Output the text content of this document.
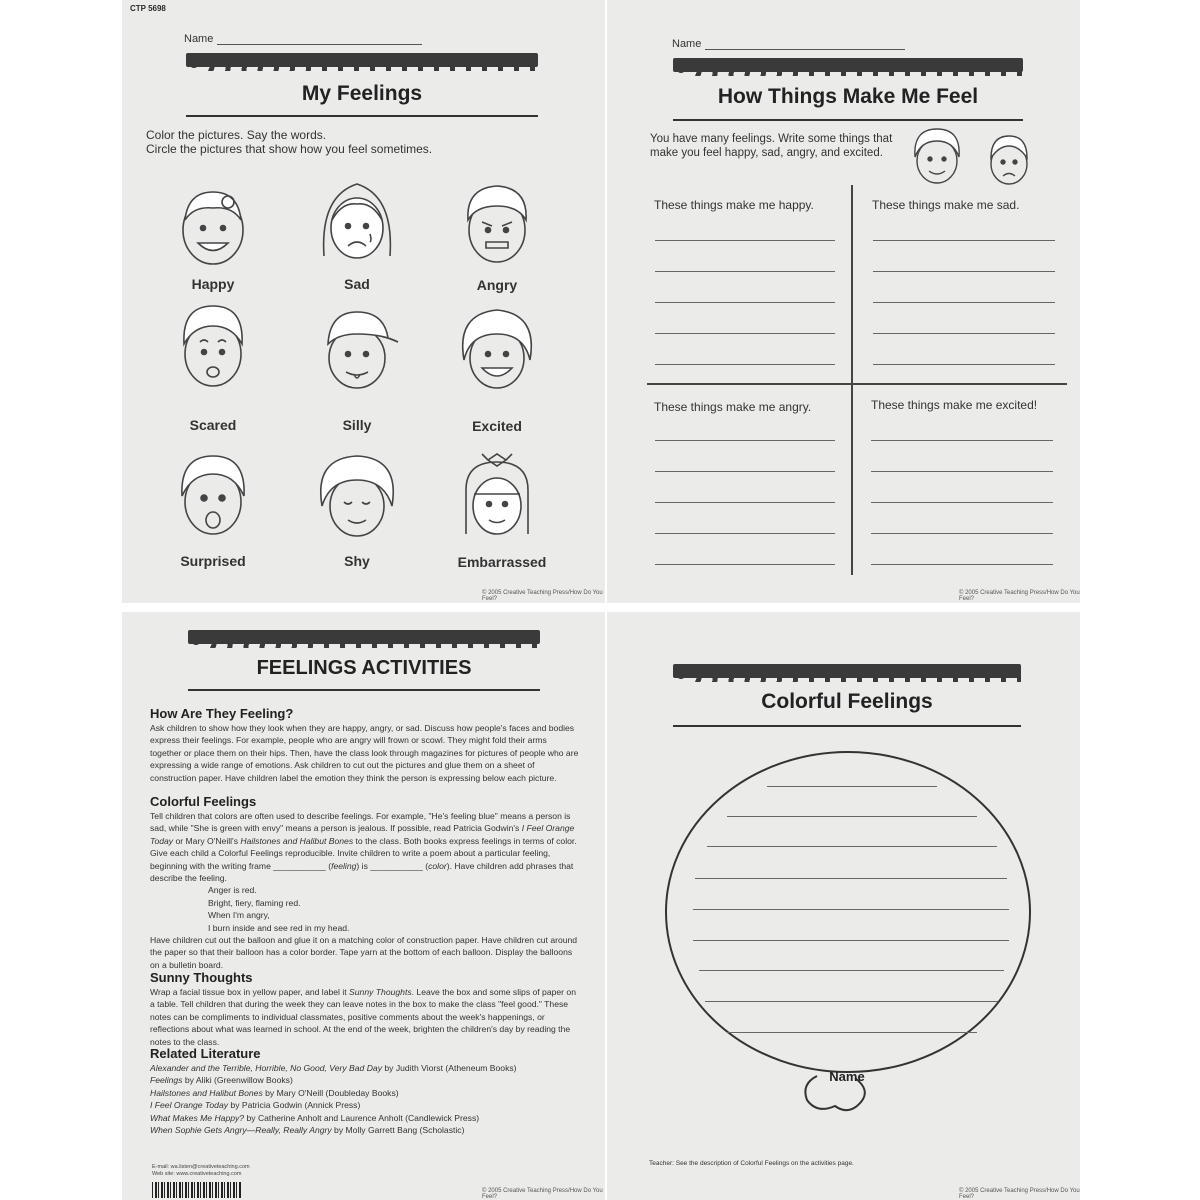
CTP 5698
Name
My Feelings
Color the pictures. Say the words.
Circle the pictures that show how you feel sometimes.
Happy	Sad	Angry
Scared	Silly	Excited
Surprised	Shy	Embarrassed
© 2005 Creative Teaching Press/How Do You Feel?
Name
How Things Make Me Feel
You have many feelings. Write some things that
make you feel happy, sad, angry, and excited.
These things make me happy.	These things make me sad.
These things make me angry.	These things make me excited!
© 2005 Creative Teaching Press/How Do You Feel?
FEELINGS ACTIVITIES
How Are They Feeling?

Ask children to show how they look when they are happy, angry, or sad. Discuss how people's faces and bodies express their feelings. For example, people who are angry will frown or scowl. They might fold their arms together or place them on their hips. Then, have the class look through magazines for pictures of people who are expressing a wide range of emotions. Ask children to cut out the pictures and glue them on a sheet of construction paper. Have children label the emotion they think the person is expressing below each picture.

Colorful Feelings

Tell children that colors are often used to describe feelings. For example, "He's feeling blue" means a person is sad, while "She is green with envy" means a person is jealous. If possible, read Patricia Godwin's I Feel Orange Today or Mary O'Neill's Hailstones and Halibut Bones to the class. Both books express feelings in terms of color. Give each child a Colorful Feelings reproducible. Invite children to write a poem about a particular feeling, beginning with the writing frame ___________ (feeling) is ___________ (color). Have children add phrases that describe the feeling.

Anger is red.

Bright, fiery, flaming red.

When I'm angry,

I burn inside and see red in my head.

Have children cut out the balloon and glue it on a matching color of construction paper. Have children cut around the paper so that their balloon has a color border. Tape yarn at the bottom of each balloon. Display the balloons on a bulletin board.

Sunny Thoughts

Wrap a facial tissue box in yellow paper, and label it Sunny Thoughts. Leave the box and some slips of paper on a table. Tell children that during the week they can leave notes in the box to make the class "feel good." These notes can be compliments to individual classmates, positive comments about the week's happenings, or reflections about what was learned in school. At the end of the week, brighten the children's day by reading the notes to the class.

Related Literature

Alexander and the Terrible, Horrible, No Good, Very Bad Day by Judith Viorst (Atheneum Books)

Feelings by Aliki (Greenwillow Books)

Hailstones and Halibut Bones by Mary O'Neill (Doubleday Books)

I Feel Orange Today by Patricia Godwin (Annick Press)

What Makes Me Happy? by Catherine Anholt and Laurence Anholt (Candlewick Press)

When Sophie Gets Angry—Really, Really Angry by Molly Garrett Bang (Scholastic)

E-mail: wa.listen@creativeteaching.com
Web site: www.creativeteaching.com
© 2005 Creative Teaching Press/How Do You Feel?
Colorful Feelings
Name
Teacher: See the description of Colorful Feelings on the activities page.
© 2005 Creative Teaching Press/How Do You Feel?
